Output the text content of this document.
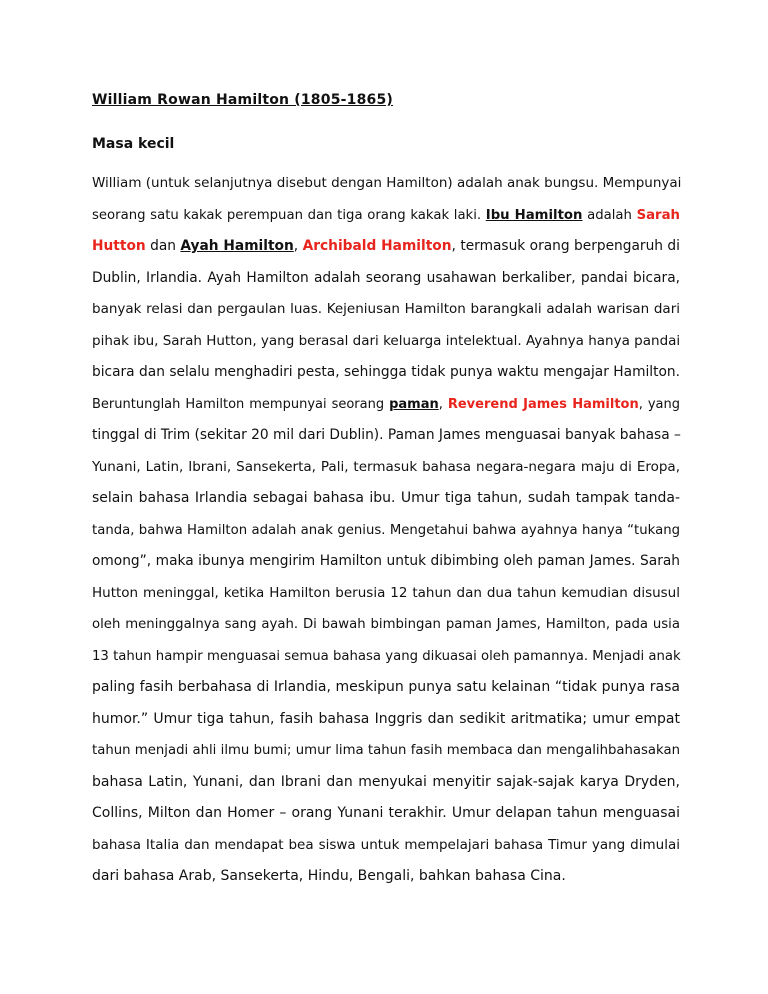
William Rowan Hamilton (1805-1865)
Masa kecil
William (untuk selanjutnya disebut dengan Hamilton) adalah anak bungsu. Mempunyai
seorang satu kakak perempuan dan tiga orang kakak laki. Ibu Hamilton adalah Sarah
Hutton dan Ayah Hamilton, Archibald Hamilton, termasuk orang berpengaruh di
Dublin, Irlandia. Ayah Hamilton adalah seorang usahawan berkaliber, pandai bicara,
banyak relasi dan pergaulan luas. Kejeniusan Hamilton barangkali adalah warisan dari
pihak ibu, Sarah Hutton, yang berasal dari keluarga intelektual. Ayahnya hanya pandai
bicara dan selalu menghadiri pesta, sehingga tidak punya waktu mengajar Hamilton.
Beruntunglah Hamilton mempunyai seorang paman, Reverend James Hamilton, yang
tinggal di Trim (sekitar 20 mil dari Dublin). Paman James menguasai banyak bahasa –
Yunani, Latin, Ibrani, Sansekerta, Pali, termasuk bahasa negara-negara maju di Eropa,
selain bahasa Irlandia sebagai bahasa ibu. Umur tiga tahun, sudah tampak tanda-
tanda, bahwa Hamilton adalah anak genius. Mengetahui bahwa ayahnya hanya “tukang
omong”, maka ibunya mengirim Hamilton untuk dibimbing oleh paman James. Sarah
Hutton meninggal, ketika Hamilton berusia 12 tahun dan dua tahun kemudian disusul
oleh meninggalnya sang ayah. Di bawah bimbingan paman James, Hamilton, pada usia
13 tahun hampir menguasai semua bahasa yang dikuasai oleh pamannya. Menjadi anak
paling fasih berbahasa di Irlandia, meskipun punya satu kelainan “tidak punya rasa
humor.” Umur tiga tahun, fasih bahasa Inggris dan sedikit aritmatika; umur empat
tahun menjadi ahli ilmu bumi; umur lima tahun fasih membaca dan mengalihbahasakan
bahasa Latin, Yunani, dan Ibrani dan menyukai menyitir sajak-sajak karya Dryden,
Collins, Milton dan Homer – orang Yunani terakhir. Umur delapan tahun menguasai
bahasa Italia dan mendapat bea siswa untuk mempelajari bahasa Timur yang dimulai
dari bahasa Arab, Sansekerta, Hindu, Bengali, bahkan bahasa Cina.
